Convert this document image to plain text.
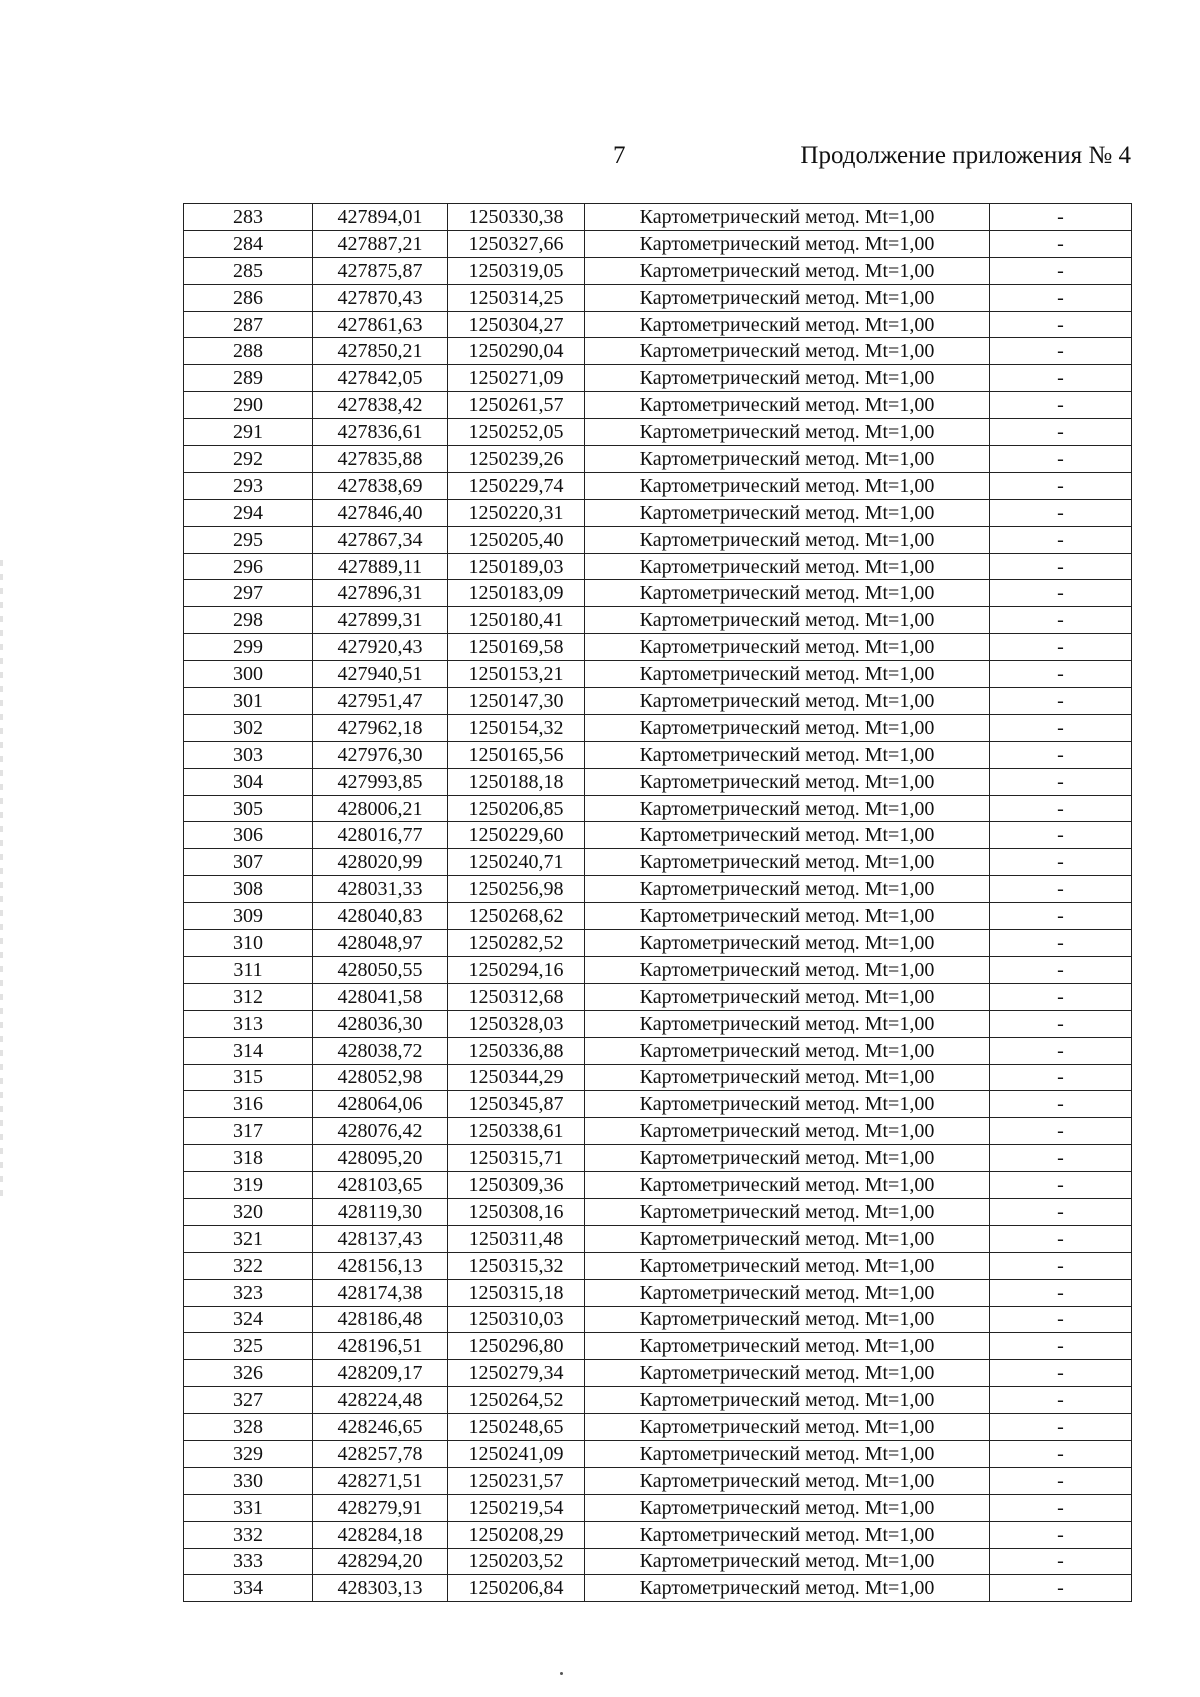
7	Продолжение приложения № 4
283	427894,01	1250330,38	Картометрический метод. Mt=1,00	-
284	427887,21	1250327,66	Картометрический метод. Mt=1,00	-
285	427875,87	1250319,05	Картометрический метод. Mt=1,00	-
286	427870,43	1250314,25	Картометрический метод. Mt=1,00	-
287	427861,63	1250304,27	Картометрический метод. Mt=1,00	-
288	427850,21	1250290,04	Картометрический метод. Mt=1,00	-
289	427842,05	1250271,09	Картометрический метод. Mt=1,00	-
290	427838,42	1250261,57	Картометрический метод. Mt=1,00	-
291	427836,61	1250252,05	Картометрический метод. Mt=1,00	-
292	427835,88	1250239,26	Картометрический метод. Mt=1,00	-
293	427838,69	1250229,74	Картометрический метод. Mt=1,00	-
294	427846,40	1250220,31	Картометрический метод. Mt=1,00	-
295	427867,34	1250205,40	Картометрический метод. Mt=1,00	-
296	427889,11	1250189,03	Картометрический метод. Mt=1,00	-
297	427896,31	1250183,09	Картометрический метод. Mt=1,00	-
298	427899,31	1250180,41	Картометрический метод. Mt=1,00	-
299	427920,43	1250169,58	Картометрический метод. Mt=1,00	-
300	427940,51	1250153,21	Картометрический метод. Mt=1,00	-
301	427951,47	1250147,30	Картометрический метод. Mt=1,00	-
302	427962,18	1250154,32	Картометрический метод. Mt=1,00	-
303	427976,30	1250165,56	Картометрический метод. Mt=1,00	-
304	427993,85	1250188,18	Картометрический метод. Mt=1,00	-
305	428006,21	1250206,85	Картометрический метод. Mt=1,00	-
306	428016,77	1250229,60	Картометрический метод. Mt=1,00	-
307	428020,99	1250240,71	Картометрический метод. Mt=1,00	-
308	428031,33	1250256,98	Картометрический метод. Mt=1,00	-
309	428040,83	1250268,62	Картометрический метод. Mt=1,00	-
310	428048,97	1250282,52	Картометрический метод. Mt=1,00	-
311	428050,55	1250294,16	Картометрический метод. Mt=1,00	-
312	428041,58	1250312,68	Картометрический метод. Mt=1,00	-
313	428036,30	1250328,03	Картометрический метод. Mt=1,00	-
314	428038,72	1250336,88	Картометрический метод. Mt=1,00	-
315	428052,98	1250344,29	Картометрический метод. Mt=1,00	-
316	428064,06	1250345,87	Картометрический метод. Mt=1,00	-
317	428076,42	1250338,61	Картометрический метод. Mt=1,00	-
318	428095,20	1250315,71	Картометрический метод. Mt=1,00	-
319	428103,65	1250309,36	Картометрический метод. Mt=1,00	-
320	428119,30	1250308,16	Картометрический метод. Mt=1,00	-
321	428137,43	1250311,48	Картометрический метод. Mt=1,00	-
322	428156,13	1250315,32	Картометрический метод. Mt=1,00	-
323	428174,38	1250315,18	Картометрический метод. Mt=1,00	-
324	428186,48	1250310,03	Картометрический метод. Mt=1,00	-
325	428196,51	1250296,80	Картометрический метод. Mt=1,00	-
326	428209,17	1250279,34	Картометрический метод. Mt=1,00	-
327	428224,48	1250264,52	Картометрический метод. Mt=1,00	-
328	428246,65	1250248,65	Картометрический метод. Mt=1,00	-
329	428257,78	1250241,09	Картометрический метод. Mt=1,00	-
330	428271,51	1250231,57	Картометрический метод. Mt=1,00	-
331	428279,91	1250219,54	Картометрический метод. Mt=1,00	-
332	428284,18	1250208,29	Картометрический метод. Mt=1,00	-
333	428294,20	1250203,52	Картометрический метод. Mt=1,00	-
334	428303,13	1250206,84	Картометрический метод. Mt=1,00	-
